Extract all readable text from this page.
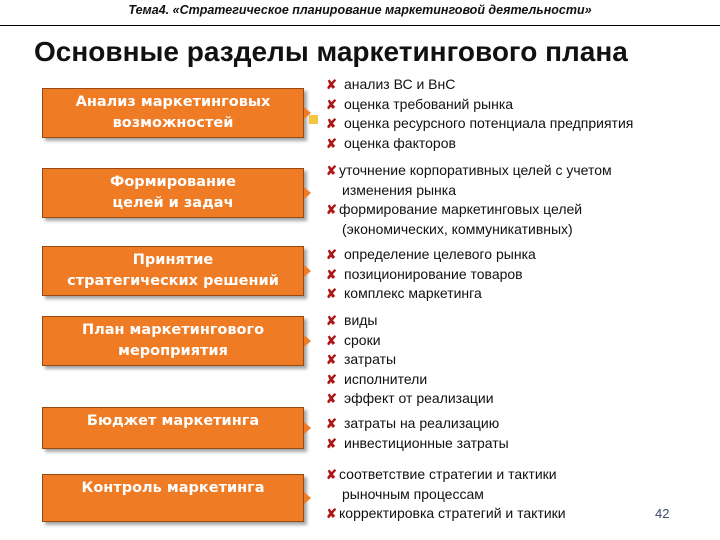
Тема4. «Стратегическое планирование маркетинговой деятельности»
Основные разделы маркетингового плана
Анализ маркетинговых
возможностей
✘ анализ ВС и ВнС
✘ оценка требований рынка
✘ оценка ресурсного потенциала предприятия
✘ оценка факторов
Формирование
целей и задач
✘ уточнение корпоративных целей с учетом
изменения рынка
✘ формирование маркетинговых целей
(экономических, коммуникативных)
Принятие
стратегических решений
✘ определение целевого рынка
✘ позиционирование товаров
✘ комплекс маркетинга
План маркетингового
мероприятия
✘ виды
✘ сроки
✘ затраты
✘ исполнители
✘ эффект от реализации
Бюджет маркетинга	✘ затраты на реализацию
✘ инвестиционные затраты
Контроль маркетинга
✘ соответствие стратегии и тактики
рыночным процессам
✘ корректировка стратегий и тактики	42
